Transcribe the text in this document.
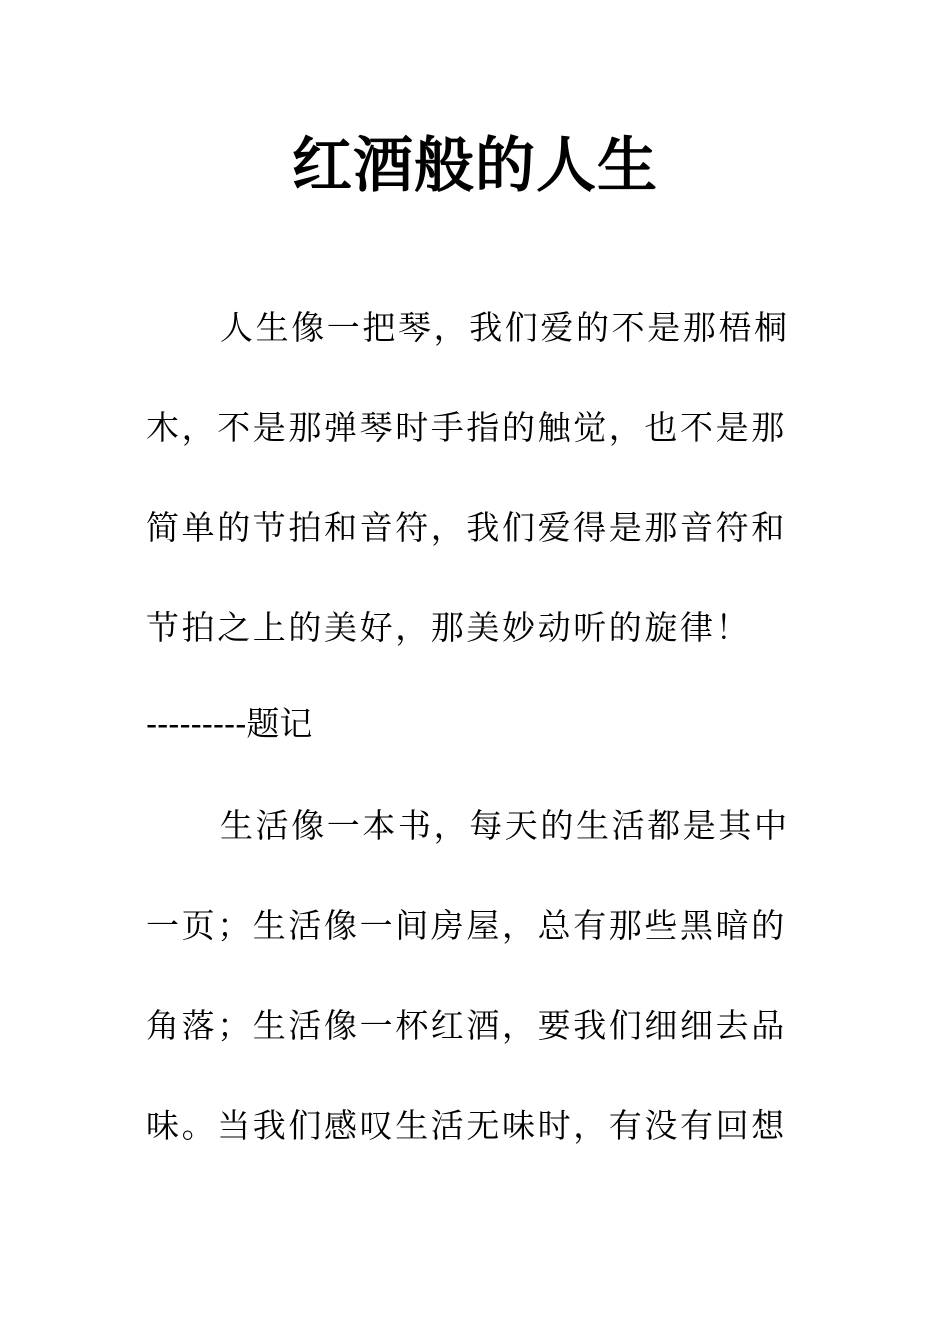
红酒般的人生

人生像一把琴，我们爱的不是那梧桐

木，不是那弹琴时手指的触觉，也不是那

简单的节拍和音符，我们爱得是那音符和

节拍之上的美好，那美妙动听的旋律！

---------题记

生活像一本书，每天的生活都是其中

一页；生活像一间房屋，总有那些黑暗的

角落；生活像一杯红酒，要我们细细去品

味。当我们感叹生活无味时，有没有回想
